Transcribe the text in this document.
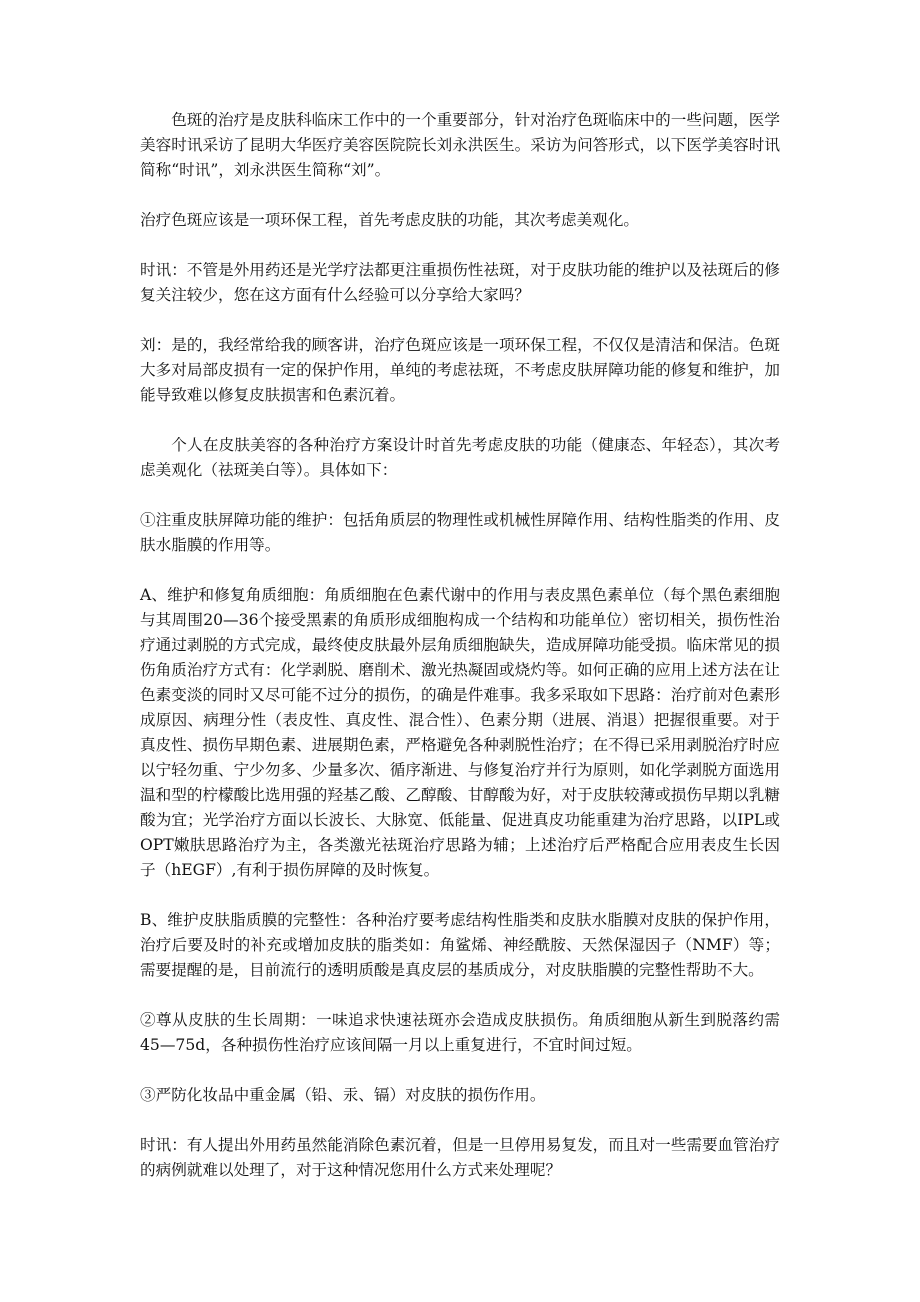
色斑的治疗是皮肤科临床工作中的一个重要部分，针对治疗色斑临床中的一些问题，医学美容时讯采访了昆明大华医疗美容医院院长刘永洪医生。采访为问答形式，以下医学美容时讯简称“时讯”，刘永洪医生简称“刘”。

治疗色斑应该是一项环保工程，首先考虑皮肤的功能，其次考虑美观化。

时讯：不管是外用药还是光学疗法都更注重损伤性祛斑，对于皮肤功能的维护以及祛斑后的修复关注较少，您在这方面有什么经验可以分享给大家吗？

刘：是的，我经常给我的顾客讲，治疗色斑应该是一项环保工程，不仅仅是清洁和保洁。色斑大多对局部皮损有一定的保护作用，单纯的考虑祛斑，不考虑皮肤屏障功能的修复和维护，加能导致难以修复皮肤损害和色素沉着。

个人在皮肤美容的各种治疗方案设计时首先考虑皮肤的功能（健康态、年轻态），其次考虑美观化（祛斑美白等）。具体如下：

①注重皮肤屏障功能的维护：包括角质层的物理性或机械性屏障作用、结构性脂类的作用、皮肤水脂膜的作用等。

A、维护和修复角质细胞：角质细胞在色素代谢中的作用与表皮黑色素单位（每个黑色素细胞与其周围20—36个接受黑素的角质形成细胞构成一个结构和功能单位）密切相关，损伤性治疗通过剥脱的方式完成，最终使皮肤最外层角质细胞缺失，造成屏障功能受损。临床常见的损伤角质治疗方式有：化学剥脱、磨削术、激光热凝固或烧灼等。如何正确的应用上述方法在让色素变淡的同时又尽可能不过分的损伤，的确是件难事。我多采取如下思路：治疗前对色素形成原因、病理分性（表皮性、真皮性、混合性）、色素分期（进展、消退）把握很重要。对于真皮性、损伤早期色素、进展期色素，严格避免各种剥脱性治疗；在不得已采用剥脱治疗时应以宁轻勿重、宁少勿多、少量多次、循序渐进、与修复治疗并行为原则，如化学剥脱方面选用温和型的柠檬酸比选用强的羟基乙酸、乙醇酸、甘醇酸为好，对于皮肤较薄或损伤早期以乳糖酸为宜；光学治疗方面以长波长、大脉宽、低能量、促进真皮功能重建为治疗思路，以IPL或OPT嫩肤思路治疗为主，各类激光祛斑治疗思路为辅；上述治疗后严格配合应用表皮生长因子（hEGF）,有利于损伤屏障的及时恢复。

B、维护皮肤脂质膜的完整性：各种治疗要考虑结构性脂类和皮肤水脂膜对皮肤的保护作用，治疗后要及时的补充或增加皮肤的脂类如：角鲨烯、神经酰胺、天然保湿因子（NMF）等；需要提醒的是，目前流行的透明质酸是真皮层的基质成分，对皮肤脂膜的完整性帮助不大。

②尊从皮肤的生长周期：一味追求快速祛斑亦会造成皮肤损伤。角质细胞从新生到脱落约需45—75d，各种损伤性治疗应该间隔一月以上重复进行，不宜时间过短。

③严防化妆品中重金属（铅、汞、镉）对皮肤的损伤作用。

时讯：有人提出外用药虽然能消除色素沉着，但是一旦停用易复发，而且对一些需要血管治疗的病例就难以处理了，对于这种情况您用什么方式来处理呢？
